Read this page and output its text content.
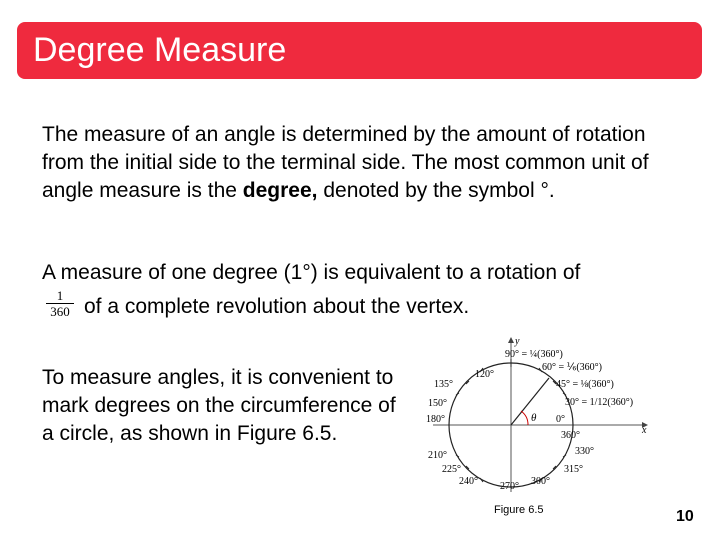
Degree Measure
The measure of an angle is determined by the amount of rotation from the initial side to the terminal side. The most common unit of angle measure is the degree, denoted by the symbol °.
A measure of one degree (1°) is equivalent to a rotation of
1
360 of a complete revolution about the vertex.
To measure angles, it is convenient to mark degrees on the circumference of a circle, as shown in Figure 6.5.
θ
x
y
90° = ¼(360°)
60° = ⅙(360°)
45° = ⅛(360°)
30° = 1/12(360°)
120°
135°
150°
180°	0°
360°
330°
210°
225°	315°
240°	300°
270°
Figure 6.5	10
